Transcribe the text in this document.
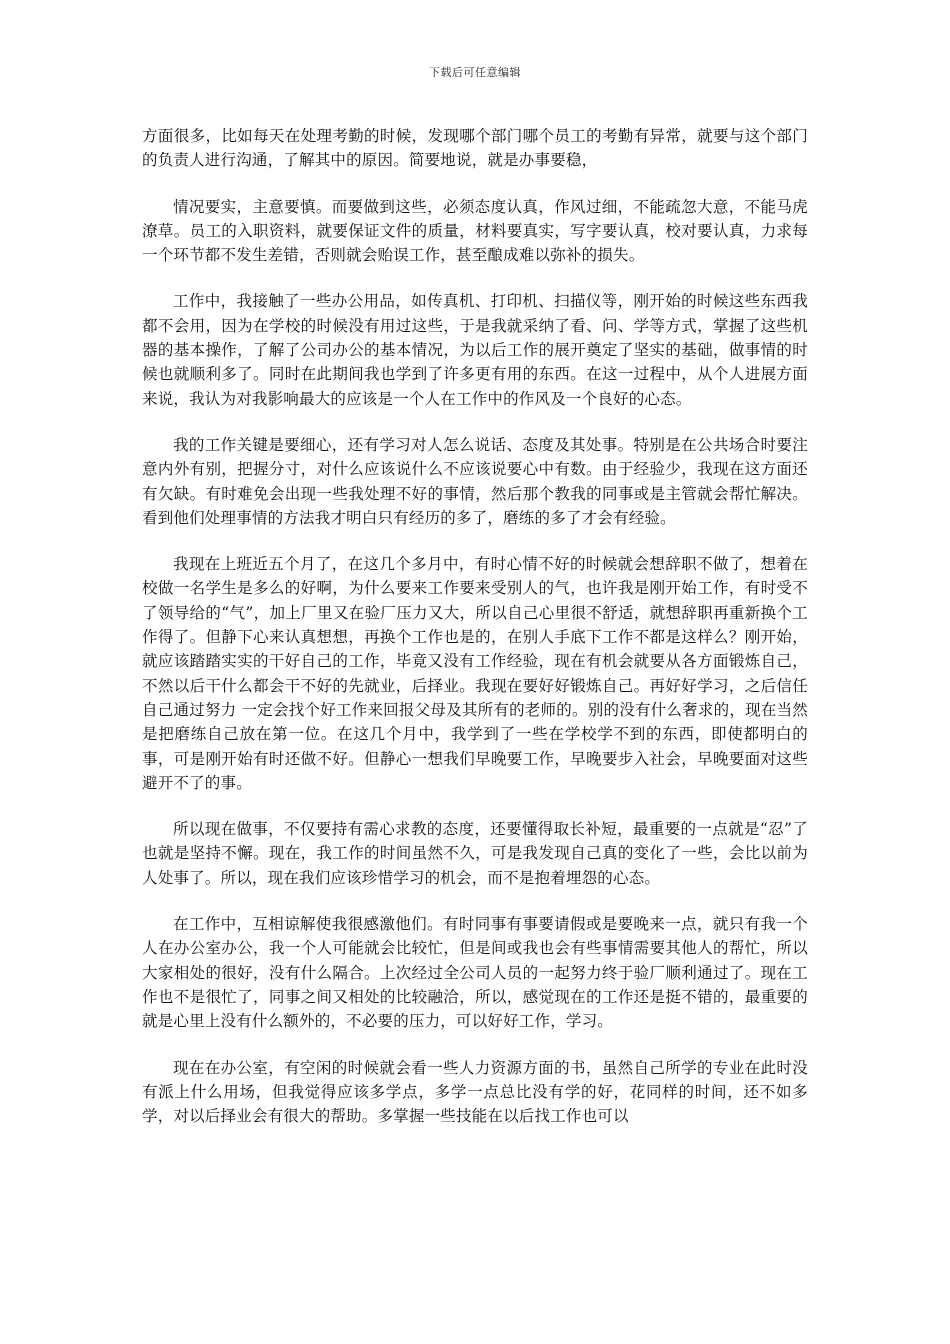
下载后可任意编辑

方面很多，比如每天在处理考勤的时候，发现哪个部门哪个员工的考勤有异常，就要与这个部门的负责人进行沟通，了解其中的原因。简要地说，就是办事要稳，

情况要实，主意要慎。而要做到这些，必须态度认真，作风过细，不能疏忽大意，不能马虎潦草。员工的入职资料，就要保证文件的质量，材料要真实，写字要认真，校对要认真，力求每一个环节都不发生差错，否则就会贻误工作，甚至酿成难以弥补的损失。

工作中，我接触了一些办公用品，如传真机、打印机、扫描仪等，刚开始的时候这些东西我都不会用，因为在学校的时候没有用过这些，于是我就采纳了看、问、学等方式，掌握了这些机器的基本操作，了解了公司办公的基本情况，为以后工作的展开奠定了坚实的基础，做事情的时候也就顺利多了。同时在此期间我也学到了许多更有用的东西。在这一过程中，从个人进展方面来说，我认为对我影响最大的应该是一个人在工作中的作风及一个良好的心态。

我的工作关键是要细心，还有学习对人怎么说话、态度及其处事。特别是在公共场合时要注意内外有别，把握分寸，对什么应该说什么不应该说要心中有数。由于经验少，我现在这方面还有欠缺。有时难免会出现一些我处理不好的事情，然后那个教我的同事或是主管就会帮忙解决。看到他们处理事情的方法我才明白只有经历的多了，磨练的多了才会有经验。

我现在上班近五个月了，在这几个多月中，有时心情不好的时候就会想辞职不做了，想着在校做一名学生是多么的好啊，为什么要来工作要来受别人的气，也许我是刚开始工作，有时受不了领导给的“气”，加上厂里又在验厂压力又大，所以自己心里很不舒适，就想辞职再重新换个工作得了。但静下心来认真想想，再换个工作也是的，在别人手底下工作不都是这样么？刚开始，就应该踏踏实实的干好自己的工作，毕竟又没有工作经验，现在有机会就要从各方面锻炼自己，不然以后干什么都会干不好的先就业，后择业。我现在要好好锻炼自己。再好好学习，之后信任自己通过努力 一定会找个好工作来回报父母及其所有的老师的。别的没有什么奢求的，现在当然是把磨练自己放在第一位。在这几个月中，我学到了一些在学校学不到的东西，即使都明白的事，可是刚开始有时还做不好。但静心一想我们早晚要工作，早晚要步入社会，早晚要面对这些避开不了的事。

所以现在做事，不仅要持有需心求教的态度，还要懂得取长补短，最重要的一点就是“忍”了也就是坚持不懈。现在，我工作的时间虽然不久，可是我发现自己真的变化了一些，会比以前为人处事了。所以，现在我们应该珍惜学习的机会，而不是抱着埋怨的心态。

在工作中，互相谅解使我很感激他们。有时同事有事要请假或是要晚来一点，就只有我一个人在办公室办公，我一个人可能就会比较忙，但是间或我也会有些事情需要其他人的帮忙，所以大家相处的很好，没有什么隔合。上次经过全公司人员的一起努力终于验厂顺利通过了。现在工作也不是很忙了，同事之间又相处的比较融洽，所以，感觉现在的工作还是挺不错的，最重要的就是心里上没有什么额外的，不必要的压力，可以好好工作，学习。

现在在办公室，有空闲的时候就会看一些人力资源方面的书，虽然自己所学的专业在此时没有派上什么用场，但我觉得应该多学点，多学一点总比没有学的好，花同样的时间，还不如多学，对以后择业会有很大的帮助。多掌握一些技能在以后找工作也可以
